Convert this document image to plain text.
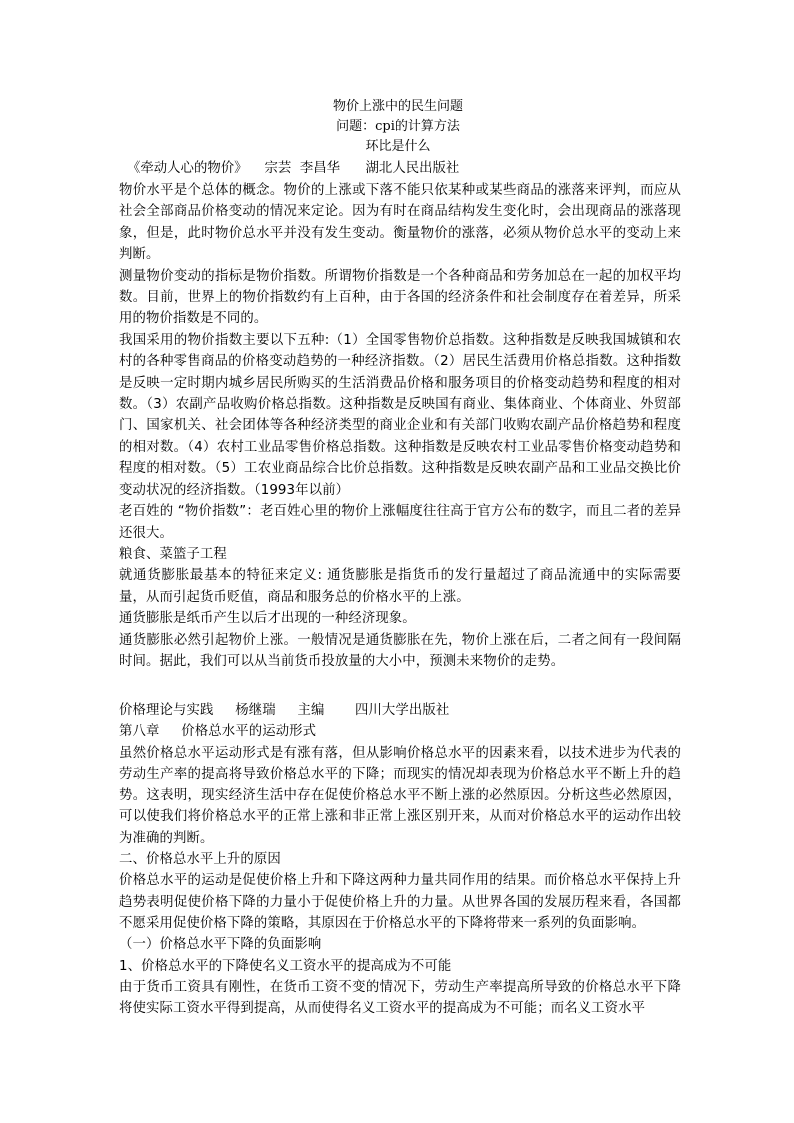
物价上涨中的民生问题
问题：cpi的计算方法
环比是什么
《牵动人心的物价》    宗芸  李昌华      湖北人民出版社

物价水平是个总体的概念。物价的上涨或下落不能只依某种或某些商品的涨落来评判，而应从社会全部商品价格变动的情况来定论。因为有时在商品结构发生变化时，会出现商品的涨落现象，但是，此时物价总水平并没有发生变动。衡量物价的涨落，必须从物价总水平的变动上来判断。

测量物价变动的指标是物价指数。所谓物价指数是一个各种商品和劳务加总在一起的加权平均数。目前，世界上的物价指数约有上百种，由于各国的经济条件和社会制度存在着差异，所采用的物价指数是不同的。

我国采用的物价指数主要以下五种:（1）全国零售物价总指数。这种指数是反映我国城镇和农村的各种零售商品的价格变动趋势的一种经济指数。（2）居民生活费用价格总指数。这种指数是反映一定时期内城乡居民所购买的生活消费品价格和服务项目的价格变动趋势和程度的相对数。（3）农副产品收购价格总指数。这种指数是反映国有商业、集体商业、个体商业、外贸部门、国家机关、社会团体等各种经济类型的商业企业和有关部门收购农副产品价格趋势和程度的相对数。（4）农村工业品零售价格总指数。这种指数是反映农村工业品零售价格变动趋势和程度的相对数。（5）工农业商品综合比价总指数。这种指数是反映农副产品和工业品交换比价变动状况的经济指数。（1993年以前）

老百姓的 “物价指数”：老百姓心里的物价上涨幅度往往高于官方公布的数字，而且二者的差异还很大。

粮食、菜篮子工程

就通货膨胀最基本的特征来定义: 通货膨胀是指货币的发行量超过了商品流通中的实际需要量，从而引起货币贬值，商品和服务总的价格水平的上涨。

通货膨胀是纸币产生以后才出现的一种经济现象。

通货膨胀必然引起物价上涨。一般情况是通货膨胀在先，物价上涨在后，二者之间有一段间隔时间。据此，我们可以从当前货币投放量的大小中，预测未来物价的走势。

价格理论与实践     杨继瑞     主编       四川大学出版社

第八章     价格总水平的运动形式

虽然价格总水平运动形式是有涨有落，但从影响价格总水平的因素来看，以技术进步为代表的劳动生产率的提高将导致价格总水平的下降；而现实的情况却表现为价格总水平不断上升的趋势。这表明，现实经济生活中存在促使价格总水平不断上涨的必然原因。分析这些必然原因，可以使我们将价格总水平的正常上涨和非正常上涨区别开来，从而对价格总水平的运动作出较为准确的判断。

二、价格总水平上升的原因

价格总水平的运动是促使价格上升和下降这两种力量共同作用的结果。而价格总水平保持上升趋势表明促使价格下降的力量小于促使价格上升的力量。从世界各国的发展历程来看，各国都不愿采用促使价格下降的策略，其原因在于价格总水平的下降将带来一系列的负面影响。

（一）价格总水平下降的负面影响

1、价格总水平的下降使名义工资水平的提高成为不可能

由于货币工资具有刚性，在货币工资不变的情况下，劳动生产率提高所导致的价格总水平下降将使实际工资水平得到提高，从而使得名义工资水平的提高成为不可能；而名义工资水平
